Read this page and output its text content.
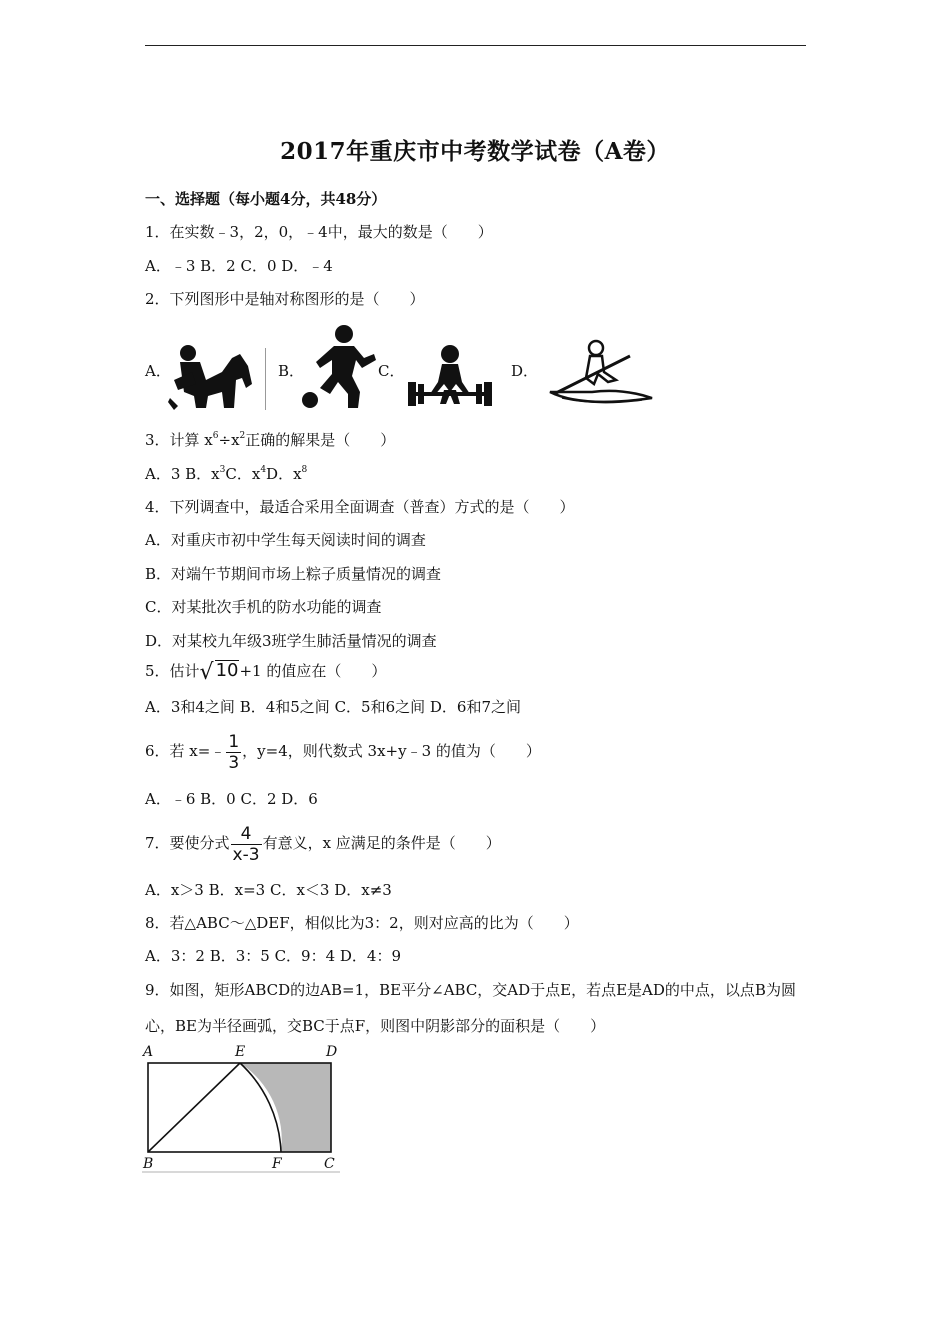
2017年重庆市中考数学试卷（A卷）
一、选择题（每小题4分，共48分）
1．在实数﹣3，2，0，﹣4中，最大的数是（　　）
A．﹣3 B．2 C．0 D．﹣4
2．下列图形中是轴对称图形的是（　　）
A．	B．	C．	D．
3．计算 $x^6\div x^2$正确的解果是（　　）
A．3 B．$x^3C$．$x^4D$．$x^8$
4．下列调查中，最适合采用全面调查（普查）方式的是（　　）
A．对重庆市初中学生每天阅读时间的调查
B．对端午节期间市场上粽子质量情况的调查
C．对某批次手机的防水功能的调查
D．对某校九年级3班学生肺活量情况的调查
5．估计√ 10+1 的值应在（　　）
A．3和4之间 B．4和5之间 C．5和6之间 D．6和7之间
6．若 x=﹣ $\frac{1}{3}$ ，y=4，则代数式 3x+y﹣3 的值为（　　）
A．﹣6 B．0 C．2 D．6
7．要使分式 $\frac{4}{x-3}$ 有意义，x 应满足的条件是（　　）
A．x＞3 B．x=3 C．x＜3 D．x≠3
8．若△ABC～△DEF，相似比为3：2，则对应高的比为（　　）
A．3：2 B．3：5 C．9：4 D．4：9
9．如图，矩形ABCD的边AB=1，BE平分∠ABC，交AD于点E，若点E是AD的中点，以点B为圆
心，BE为半径画弧，交BC于点F，则图中阴影部分的面积是（　　）
A	E	D
B	F	C
